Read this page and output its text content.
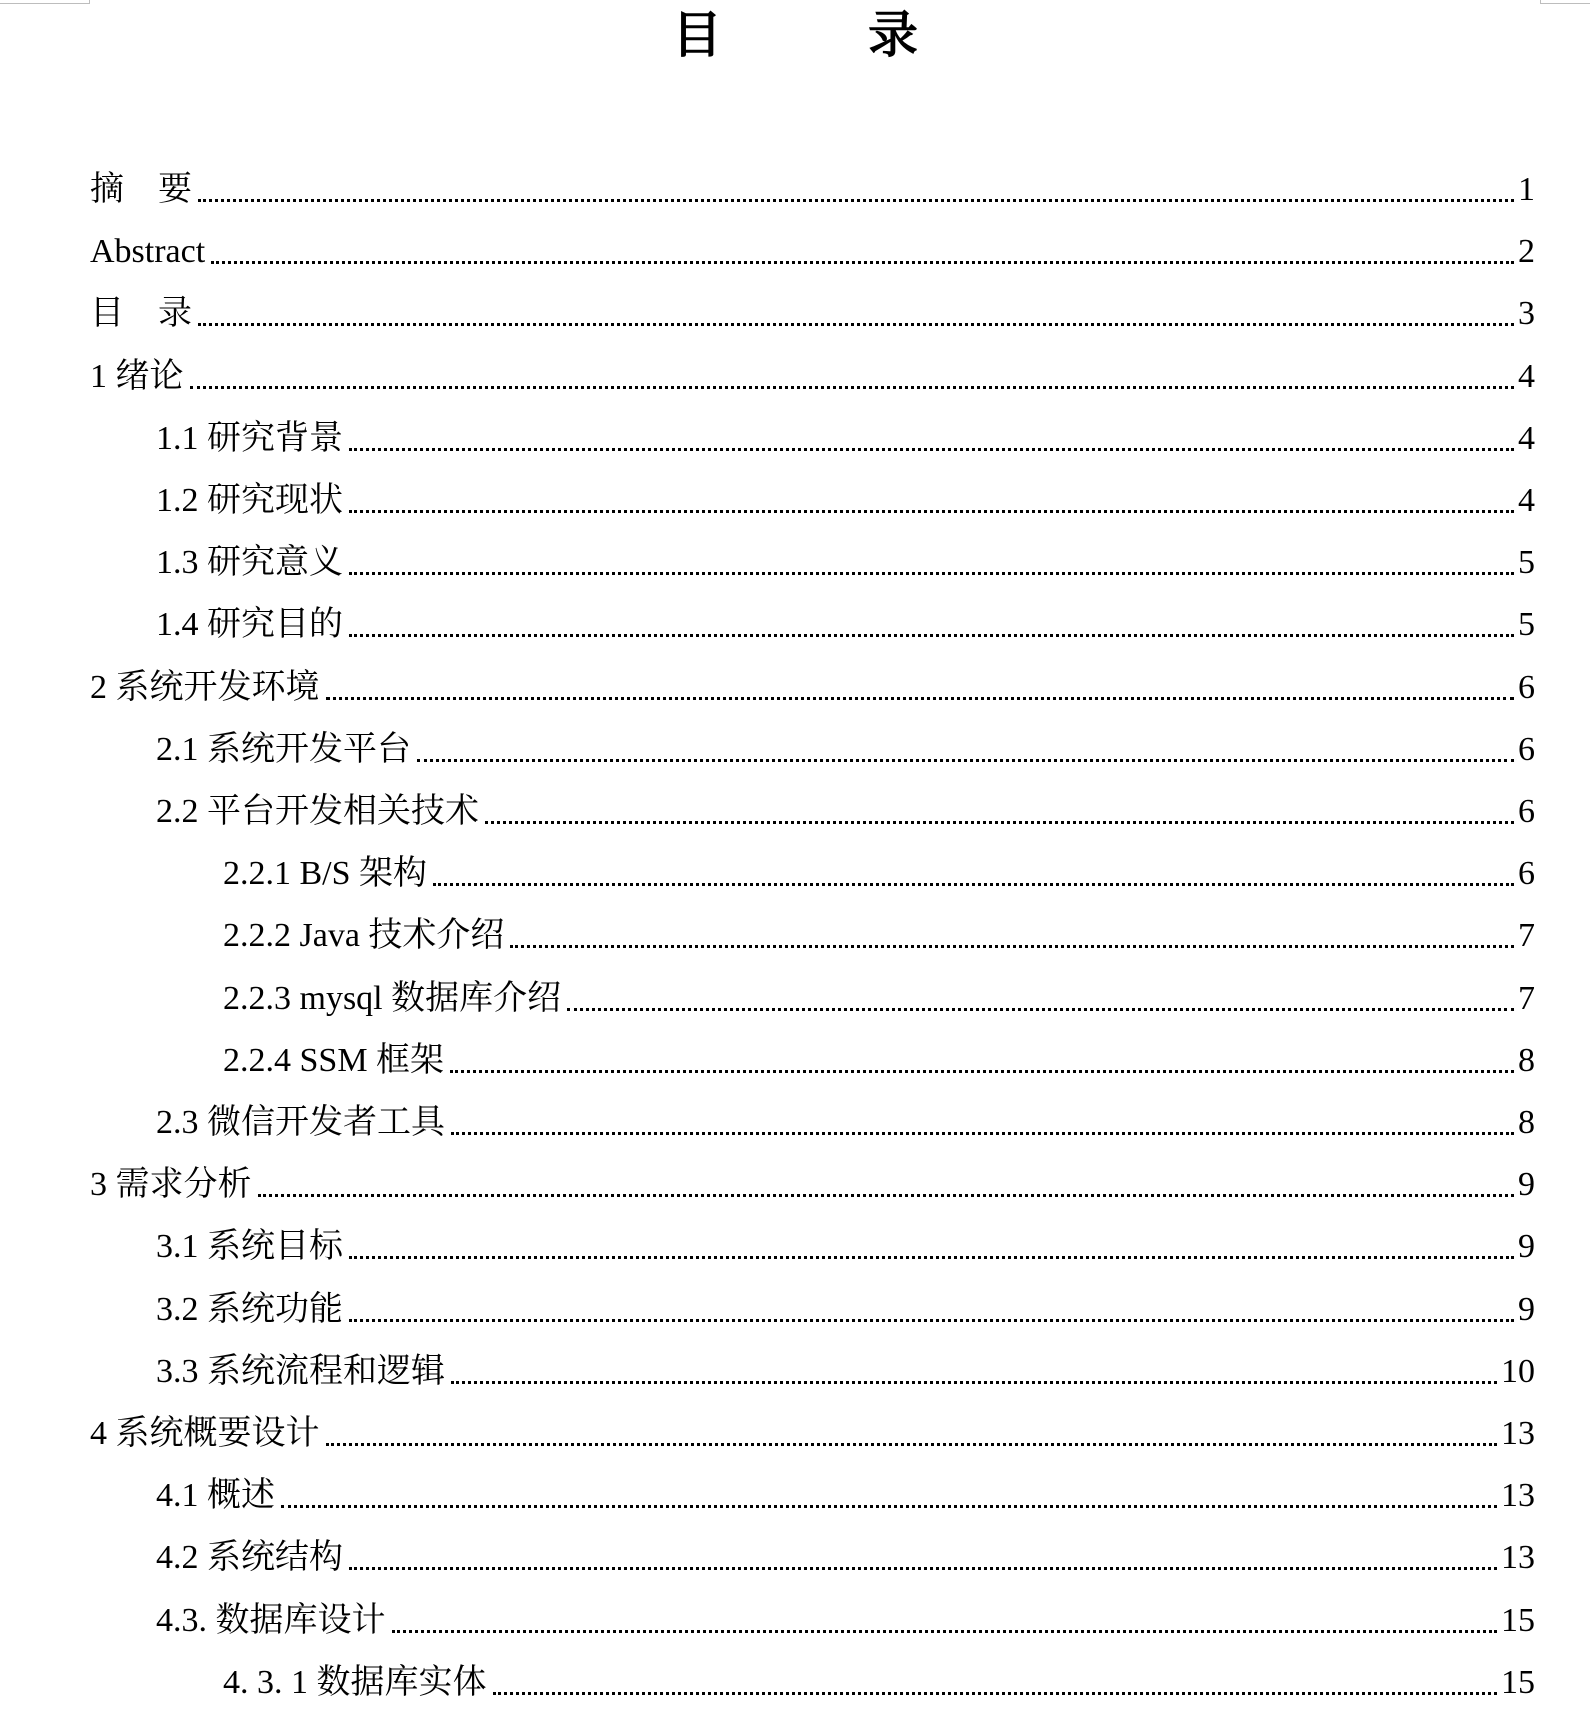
目　录
摘　要	1
Abstract	2
目　录	3
1 绪论	4
1.1 研究背景	4
1.2 研究现状	4
1.3 研究意义	5
1.4 研究目的	5
2 系统开发环境	6
2.1 系统开发平台	6
2.2 平台开发相关技术	6
2.2.1 B/S 架构	6
2.2.2 Java 技术介绍	7
2.2.3 mysql 数据库介绍	7
2.2.4 SSM 框架	8
2.3 微信开发者工具	8
3 需求分析	9
3.1 系统目标	9
3.2 系统功能	9
3.3 系统流程和逻辑	10
4 系统概要设计	13
4.1 概述	13
4.2 系统结构	13
4.3. 数据库设计	15
4. 3. 1 数据库实体	15
